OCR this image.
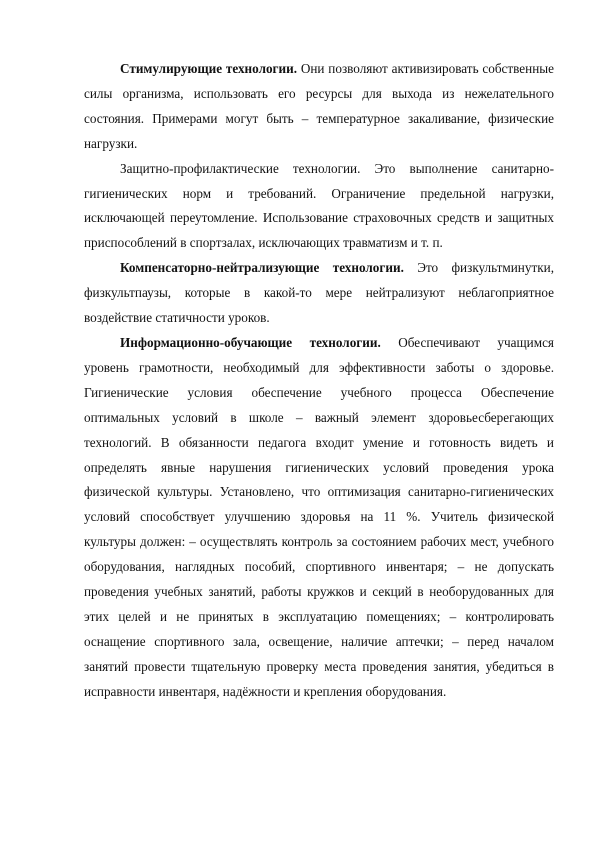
Стимулирующие технологии. Они позволяют активизировать собственные силы организма, использовать его ресурсы для выхода из нежелательного состояния. Примерами могут быть – температурное закаливание, физические нагрузки.

Защитно-профилактические технологии. Это выполнение санитарно-гигиенических норм и требований. Ограничение предельной нагрузки, исключающей переутомление. Использование страховочных средств и защитных приспособлений в спортзалах, исключающих травматизм и т. п.

Компенсаторно-нейтрализующие технологии. Это физкультминутки, физкультпаузы, которые в какой-то мере нейтрализуют неблагоприятное воздействие статичности уроков.

Информационно-обучающие технологии. Обеспечивают учащимся уровень грамотности, необходимый для эффективности заботы о здоровье. Гигиенические условия обеспечение учебного процесса Обеспечение оптимальных условий в школе – важный элемент здоровьесберегающих технологий. В обязанности педагога входит умение и готовность видеть и определять явные нарушения гигиенических условий проведения урока физической культуры. Установлено, что оптимизация санитарно-гигиенических условий способствует улучшению здоровья на 11 %. Учитель физической культуры должен: – осуществлять контроль за состоянием рабочих мест, учебного оборудования, наглядных пособий, спортивного инвентаря; – не допускать проведения учебных занятий, работы кружков и секций в необорудованных для этих целей и не принятых в эксплуатацию помещениях; – контролировать оснащение спортивного зала, освещение, наличие аптечки; – перед началом занятий провести тщательную проверку места проведения занятия, убедиться в исправности инвентаря, надёжности и крепления оборудования.
